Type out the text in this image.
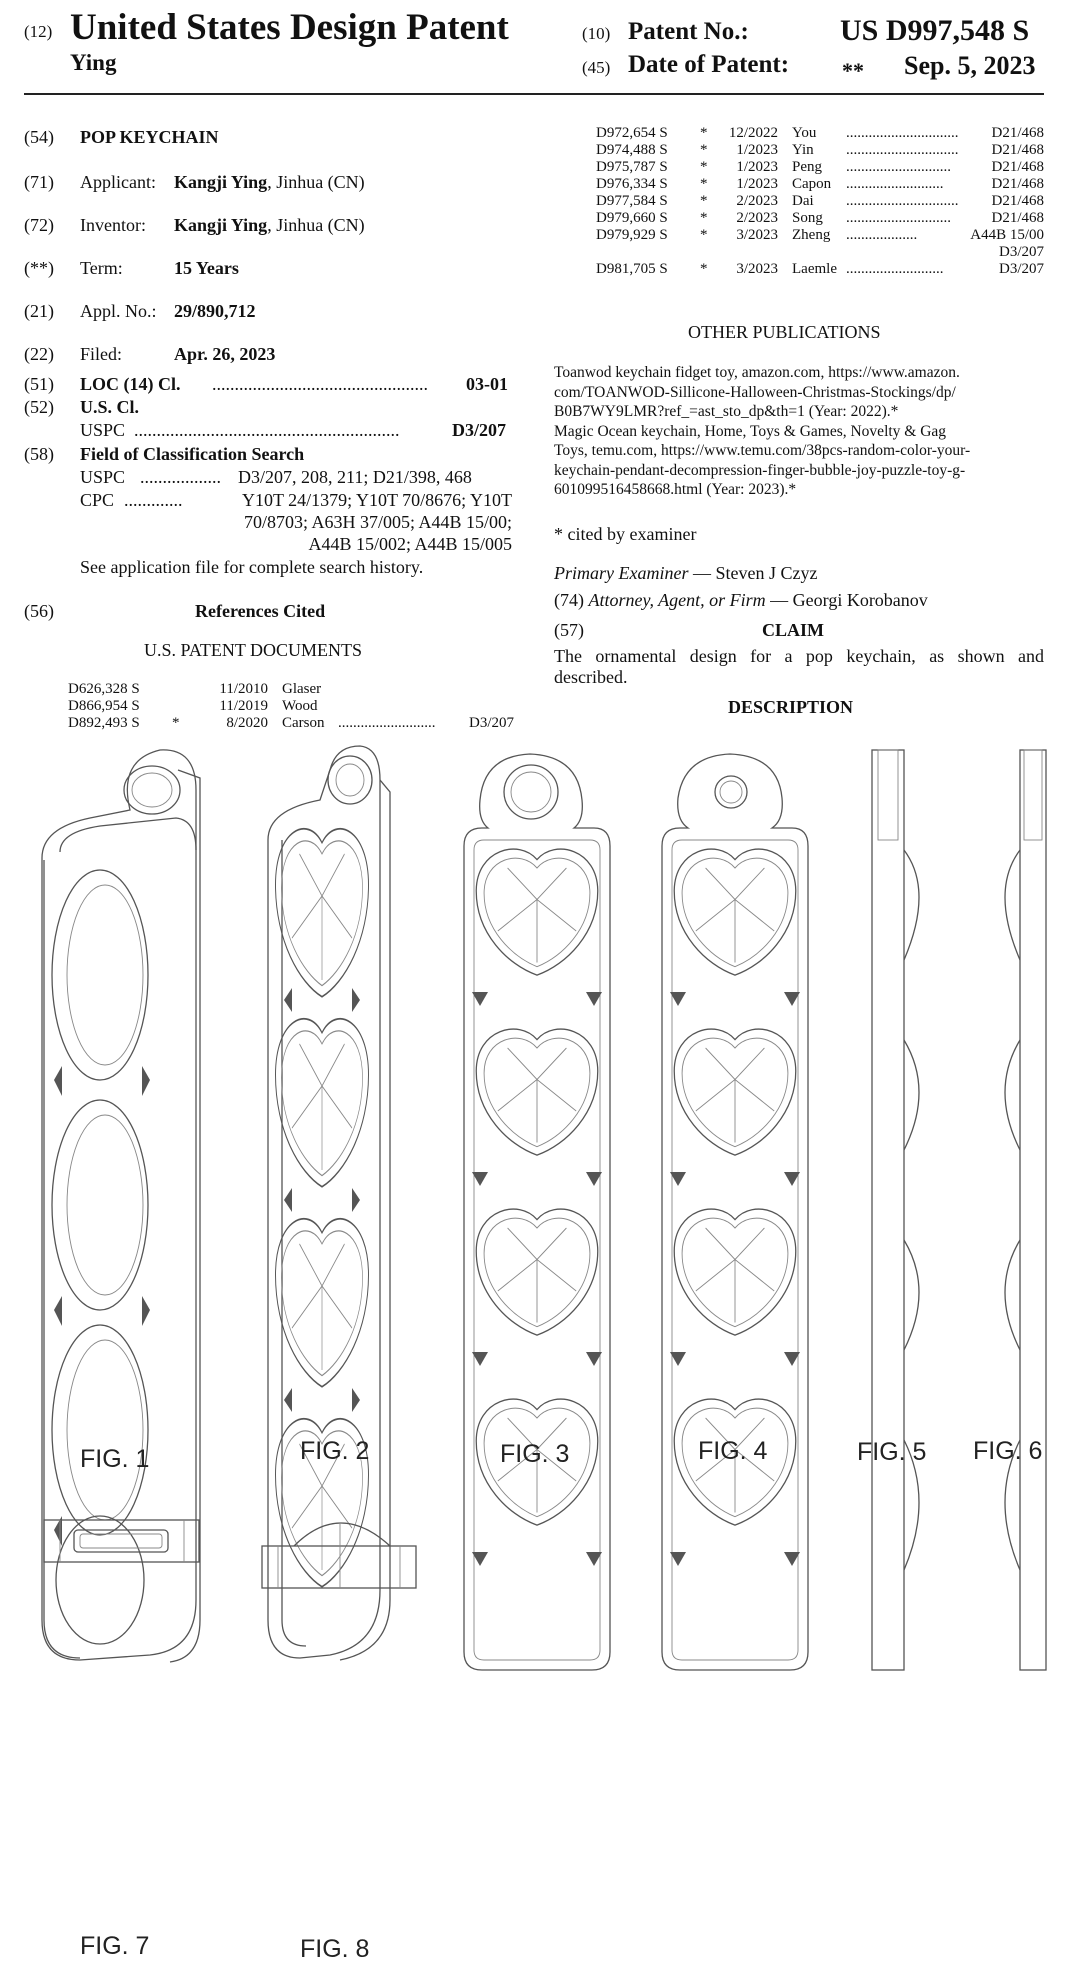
(12) United States Design Patent
Ying
(10) Patent No.:	US D997,548 S
(45) Date of Patent: ** Sep. 5, 2023
(54) POP KEYCHAIN
(71) Applicant: Kangji Ying, Jinhua (CN)
(72) Inventor: Kangji Ying, Jinhua (CN)
(**) Term:	15 Years
(21) Appl. No.: 29/890,712
(22) Filed:	Apr. 26, 2023
(51) LOC (14) Cl. ................................................	03-01
(52) U.S. Cl.
USPC ...........................................................	D3/207
(58) Field of Classification Search
USPC .................. D3/207, 208, 211; D21/398, 468
CPC .............	Y10T 24/1379; Y10T 70/8676; Y10T
70/8703; A63H 37/005; A44B 15/00;
A44B 15/002; A44B 15/005
See application file for complete search history.
(56)	References Cited
U.S. PATENT DOCUMENTS
D626,328 S	11/2010 Glaser
D866,954 S	11/2019 Wood
D892,493 S *	8/2020 Carson ..........................	D3/207
D972,654 S *	12/2022 You ..............................	D21/468
D974,488 S *	1/2023 Yin ..............................	D21/468
D975,787 S *	1/2023 Peng ............................	D21/468
D976,334 S *	1/2023 Capon ..........................	D21/468
D977,584 S *	2/2023 Dai ..............................	D21/468
D979,660 S *	2/2023 Song ............................	D21/468
D979,929 S *	3/2023 Zheng ...................	A44B 15/00
D3/207
D981,705 S *	3/2023 Laemle ..........................	D3/207
OTHER PUBLICATIONS
Toanwod keychain fidget toy, amazon.com, https://www.amazon.
com/TOANWOD-Sillicone-Halloween-Christmas-Stockings/dp/
B0B7WY9LMR?ref_=ast_sto_dp&th=1 (Year: 2022).*
Magic Ocean keychain, Home, Toys & Games, Novelty & Gag
Toys, temu.com, https://www.temu.com/38pcs-random-color-your-
keychain-pendant-decompression-finger-bubble-joy-puzzle-toy-g-
601099516458668.html (Year: 2023).*
* cited by examiner
Primary Examiner — Steven J Czyz
(74) Attorney, Agent, or Firm — Georgi Korobanov
(57)	CLAIM
The ornamental design for a pop keychain, as shown and
described.
DESCRIPTION
FIG. 1	FIG. 2	FIG. 3	FIG. 4	FIG. 5 FIG. 6
FIG. 7	FIG. 8
